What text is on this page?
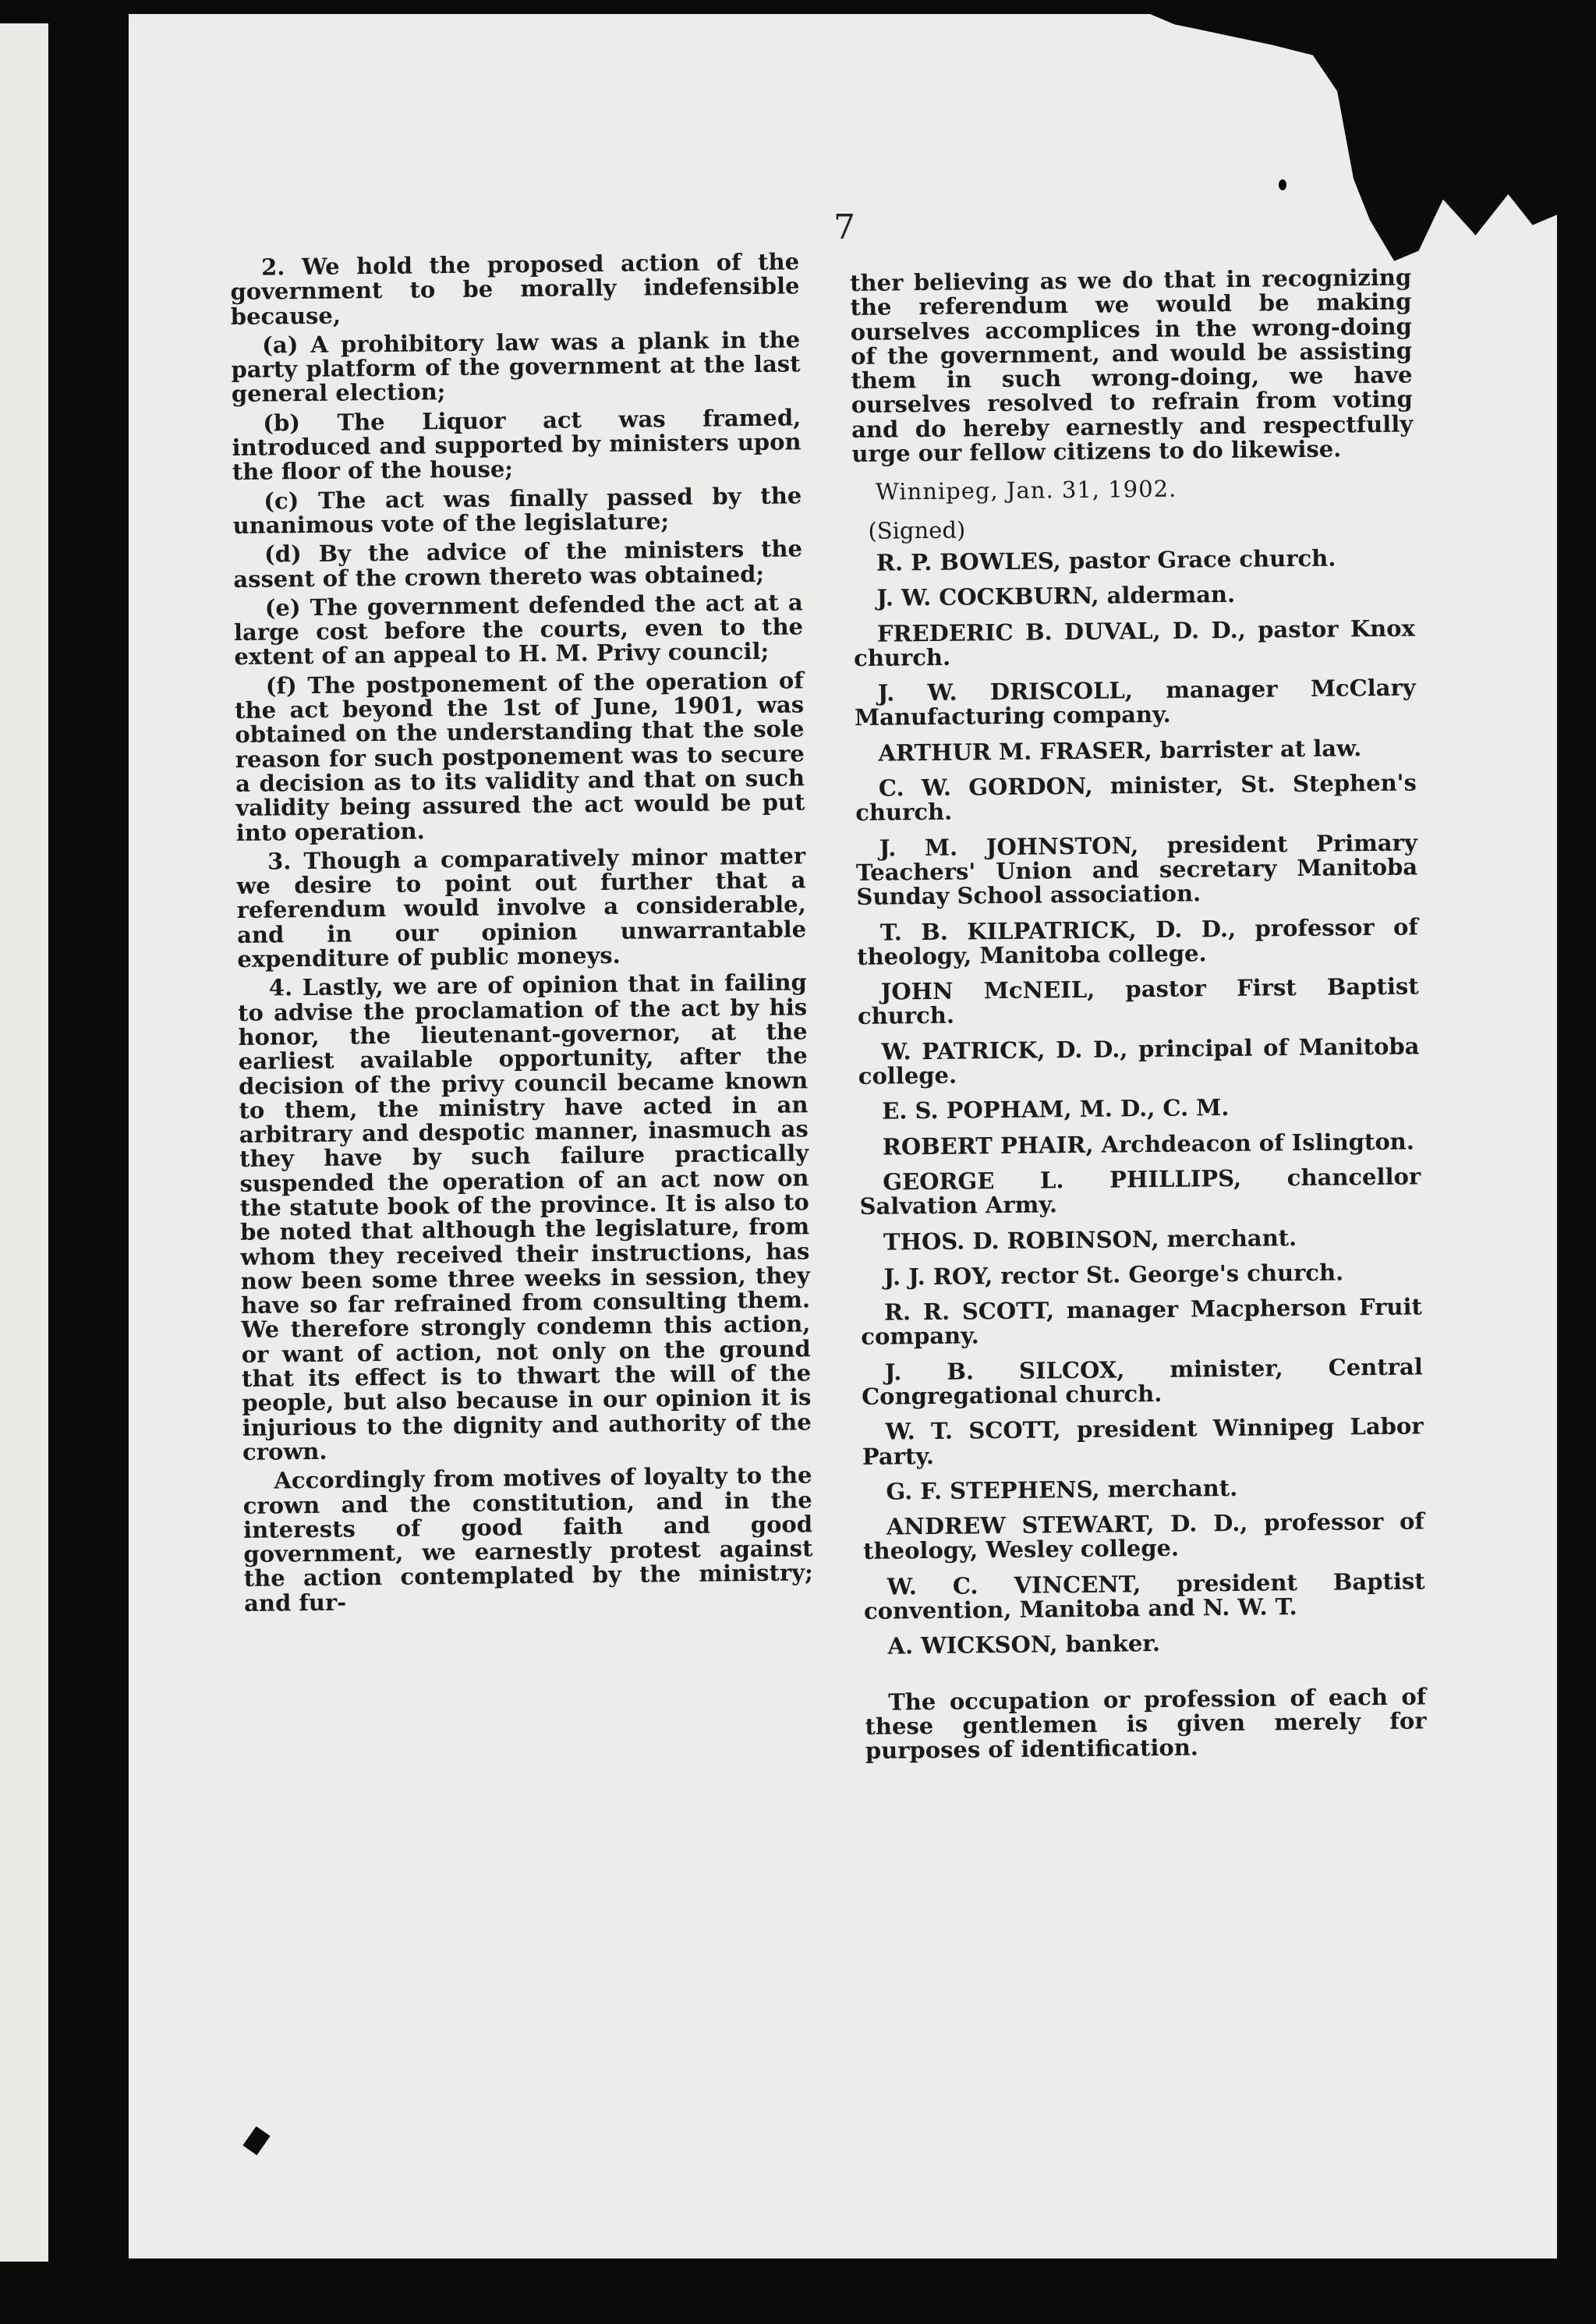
7

2. We hold the proposed action of the government to be morally indefensible because,

(a) A prohibitory law was a plank in the party platform of the government at the last general election;

(b) The Liquor act was framed, introduced and supported by ministers upon the floor of the house;

(c) The act was finally passed by the unanimous vote of the legislature;

(d) By the advice of the ministers the assent of the crown thereto was obtained;

(e) The government defended the act at a large cost before the courts, even to the extent of an appeal to H. M. Privy council;

(f) The postponement of the operation of the act beyond the 1st of June, 1901, was obtained on the understanding that the sole reason for such postponement was to secure a decision as to its validity and that on such validity being assured the act would be put into operation.

3. Though a comparatively minor matter we desire to point out further that a referendum would involve a considerable, and in our opinion unwarrantable expenditure of public moneys.

4. Lastly, we are of opinion that in failing to advise the proclamation of the act by his honor, the lieutenant-governor, at the earliest available opportunity, after the decision of the privy council became known to them, the ministry have acted in an arbitrary and despotic manner, inasmuch as they have by such failure practically suspended the operation of an act now on the statute book of the province. It is also to be noted that although the legislature, from whom they received their instructions, has now been some three weeks in session, they have so far refrained from consulting them. We therefore strongly condemn this action, or want of action, not only on the ground that its effect is to thwart the will of the people, but also because in our opinion it is injurious to the dignity and authority of the crown.

Accordingly from motives of loyalty to the crown and the constitution, and in the interests of good faith and good government, we earnestly protest against the action contemplated by the ministry; and fur-

ther believing as we do that in recognizing the referendum we would be making ourselves accomplices in the wrong-doing of the government, and would be assisting them in such wrong-doing, we have ourselves resolved to refrain from voting and do hereby earnestly and respectfully urge our fellow citizens to do likewise.

Winnipeg, Jan. 31, 1902.

(Signed)

R. P. BOWLES, pastor Grace church.

J. W. COCKBURN, alderman.

FREDERIC B. DUVAL, D. D., pastor Knox church.

J. W. DRISCOLL, manager McClary Manufacturing company.

ARTHUR M. FRASER, barrister at law.

C. W. GORDON, minister, St. Stephen's church.

J. M. JOHNSTON, president Primary Teachers' Union and secretary Manitoba Sunday School association.

T. B. KILPATRICK, D. D., professor of theology, Manitoba college.

JOHN McNEIL, pastor First Baptist church.

W. PATRICK, D. D., principal of Manitoba college.

E. S. POPHAM, M. D., C. M.

ROBERT PHAIR, Archdeacon of Islington.

GEORGE L. PHILLIPS, chancellor Salvation Army.

THOS. D. ROBINSON, merchant.

J. J. ROY, rector St. George's church.

R. R. SCOTT, manager Macpherson Fruit company.

J. B. SILCOX, minister, Central Congregational church.

W. T. SCOTT, president Winnipeg Labor Party.

G. F. STEPHENS, merchant.

ANDREW STEWART, D. D., professor of theology, Wesley college.

W. C. VINCENT, president Baptist convention, Manitoba and N. W. T.

A. WICKSON, banker.

The occupation or profession of each of these gentlemen is given merely for purposes of identification.
